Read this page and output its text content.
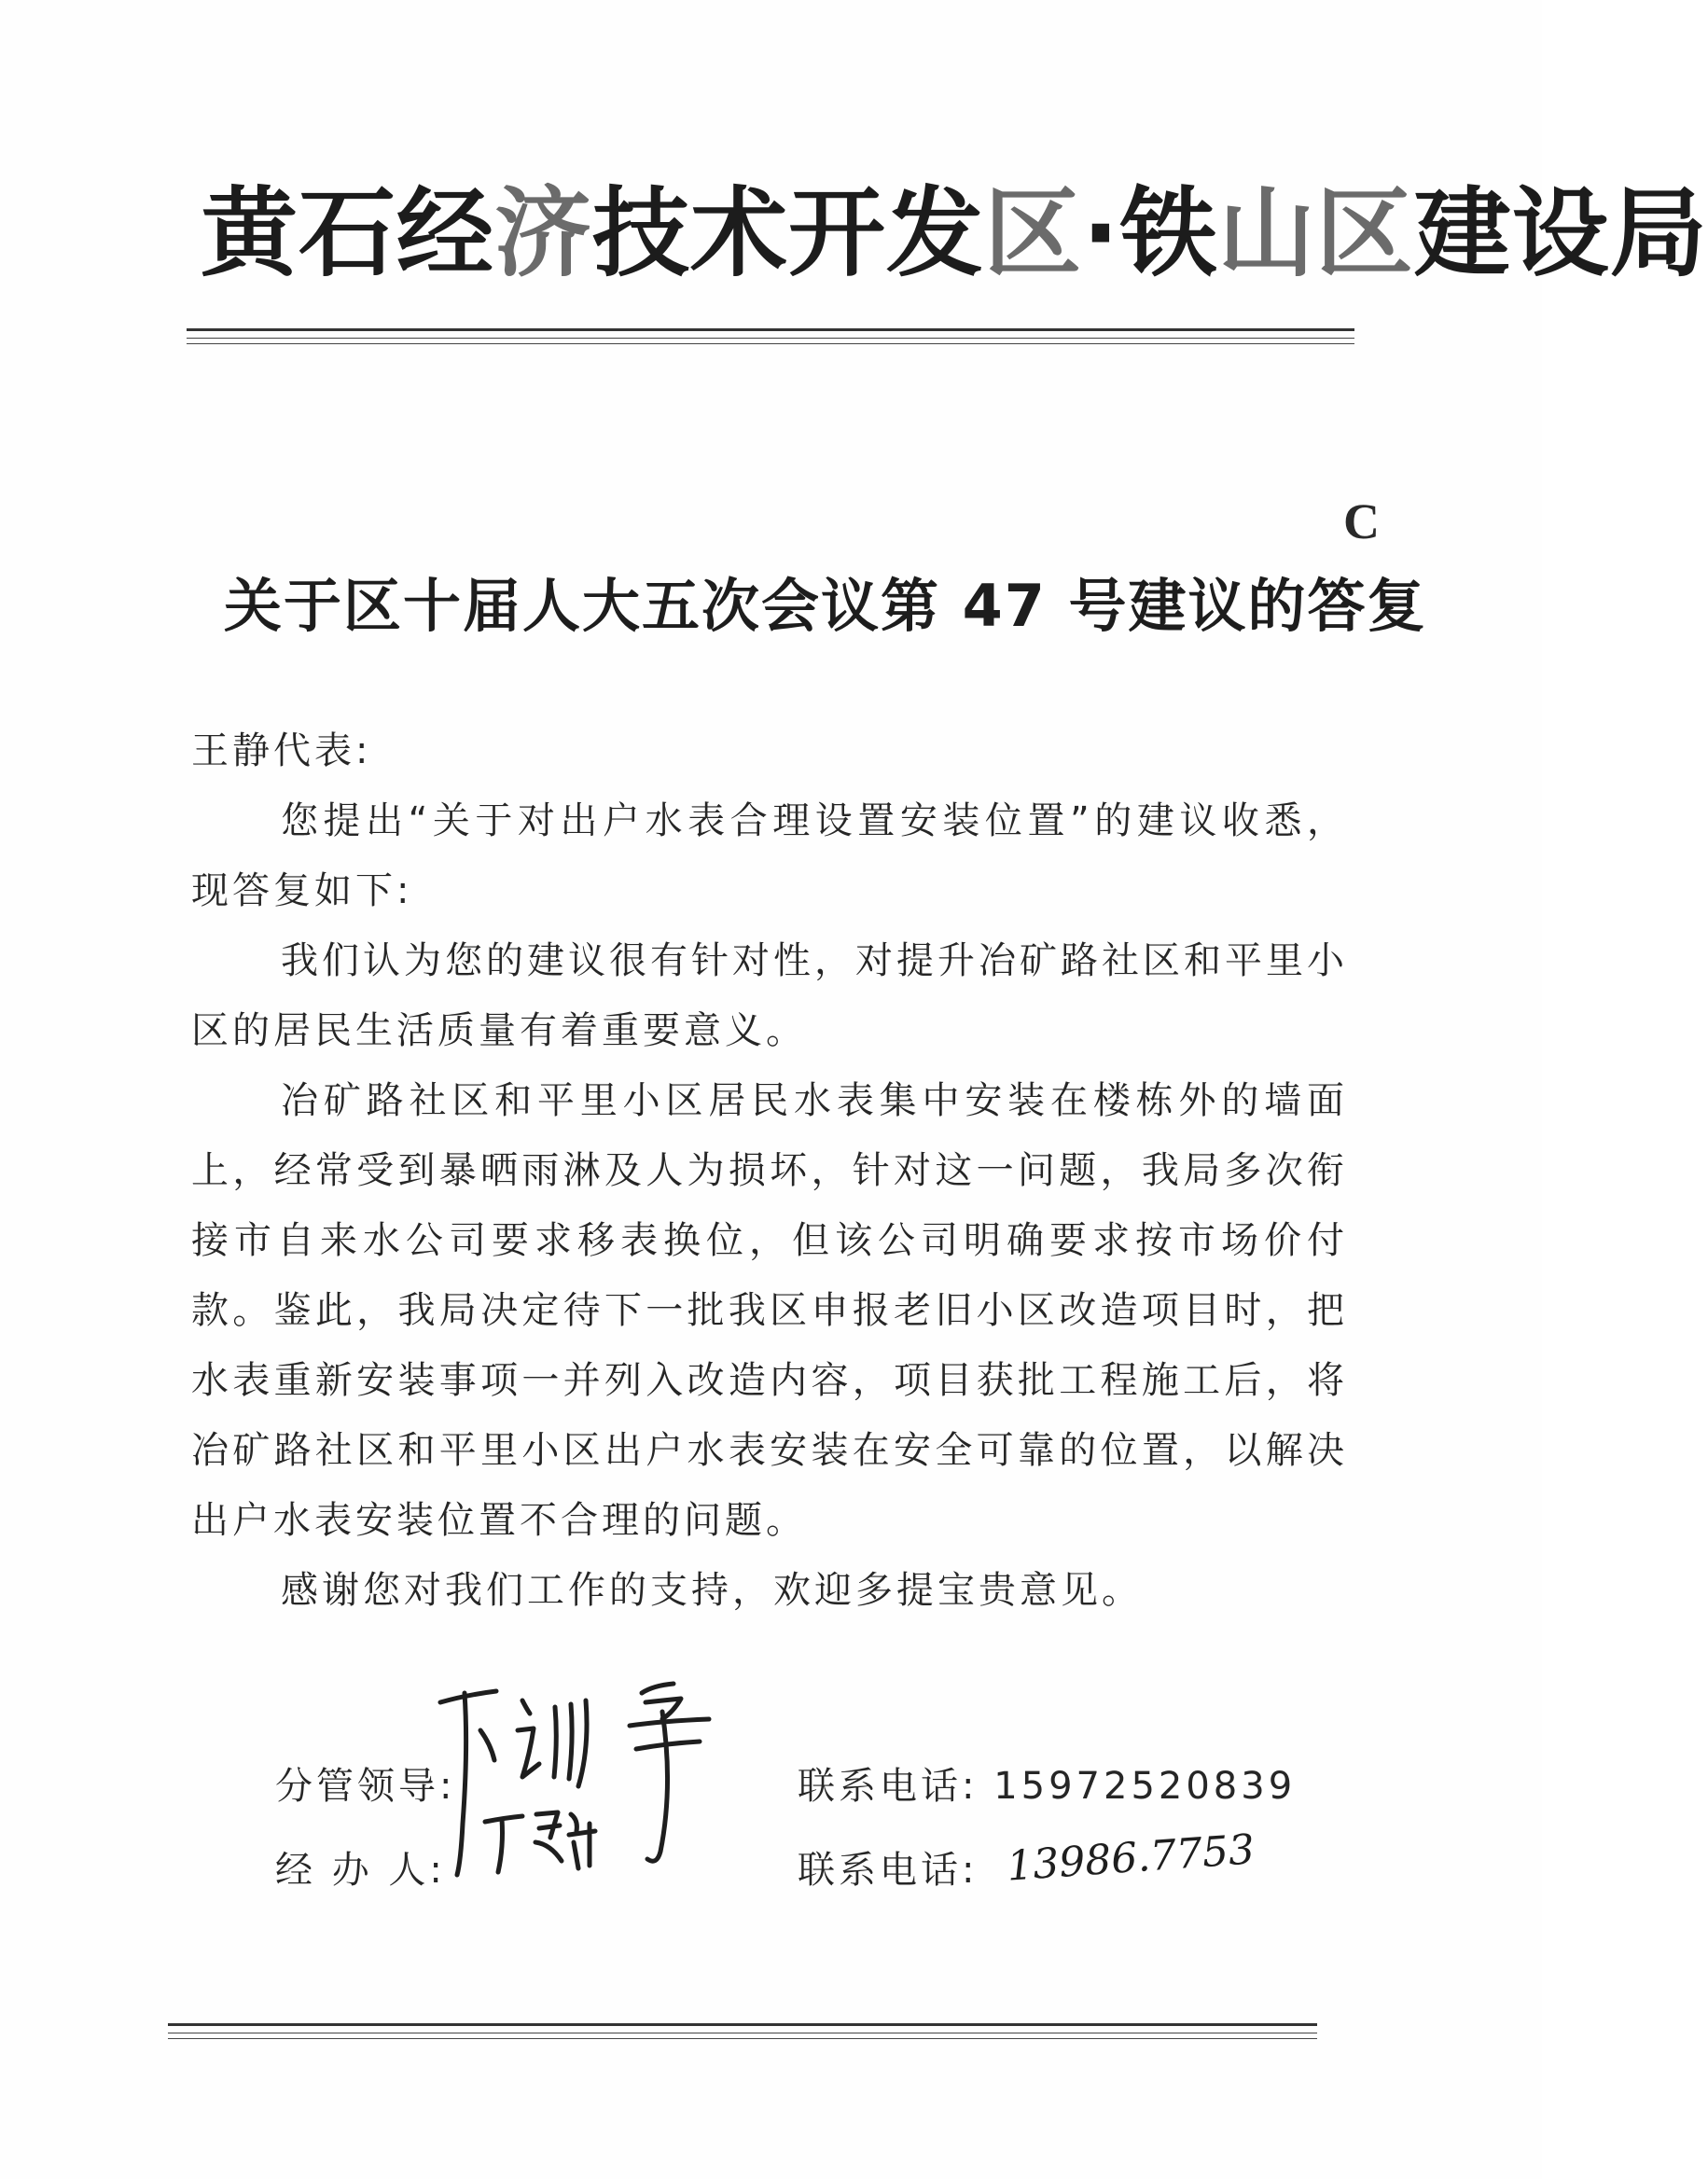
黄石经济技术开发区·铁山区建设局
C
关于区十届人大五次会议第 47 号建议的答复
王静代表:

您提出“关于对出户水表合理设置安装位置”的建议收悉，现答复如下:

我们认为您的建议很有针对性，对提升冶矿路社区和平里小区的居民生活质量有着重要意义。

冶矿路社区和平里小区居民水表集中安装在楼栋外的墙面上，经常受到暴晒雨淋及人为损坏，针对这一问题，我局多次衔接市自来水公司要求移表换位，但该公司明确要求按市场价付款。鉴此，我局决定待下一批我区申报老旧小区改造项目时，把水表重新安装事项一并列入改造内容，项目获批工程施工后，将冶矿路社区和平里小区出户水表安装在安全可靠的位置，以解决出户水表安装位置不合理的问题。

感谢您对我们工作的支持，欢迎多提宝贵意见。

分管领导:
经 办 人:
联系电话: 15972520839
联系电话: 13986.7753
